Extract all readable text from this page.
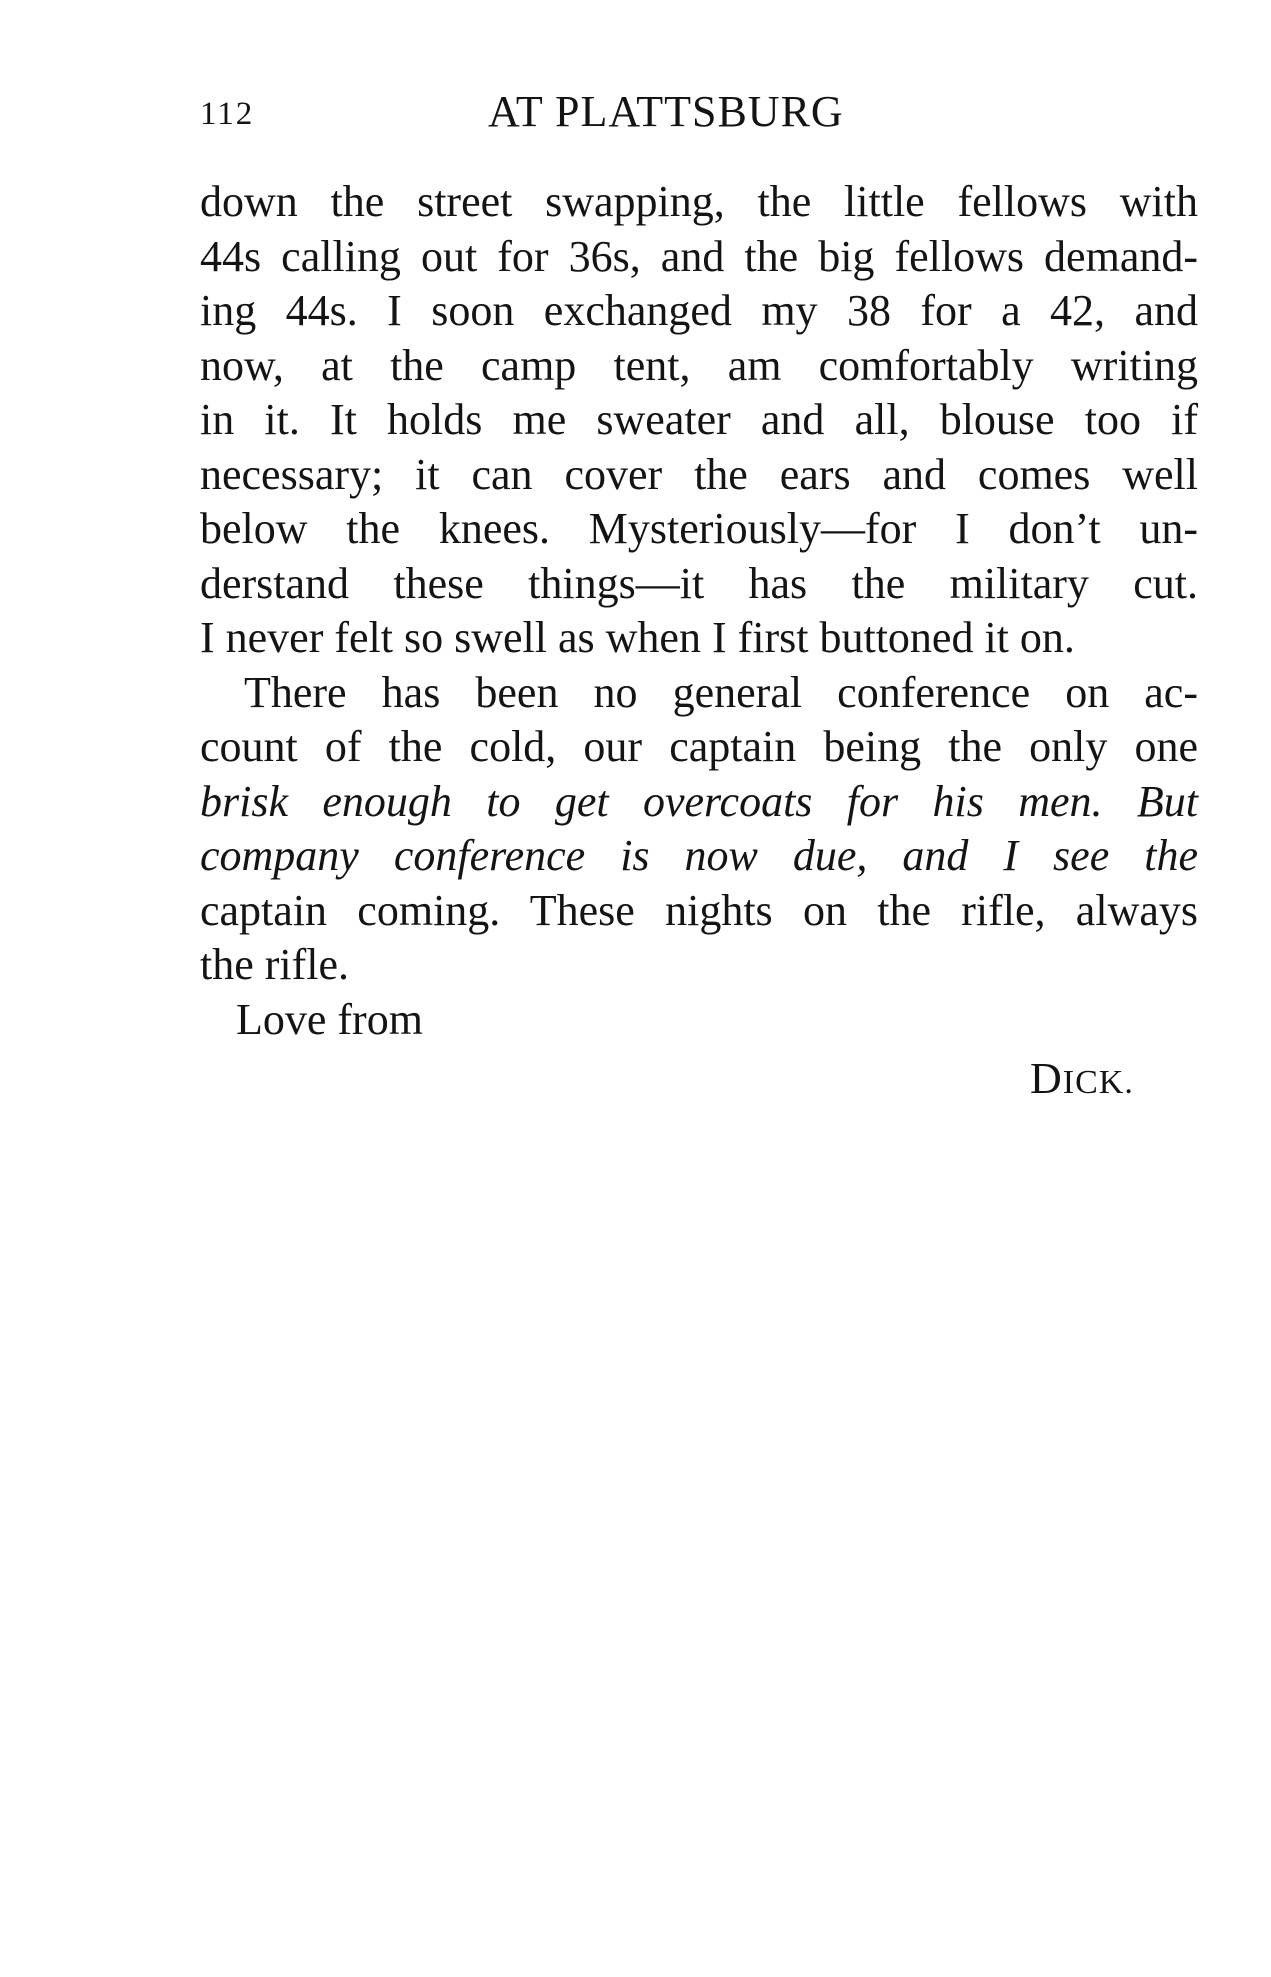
112	AT PLATTSBURG
down the street swapping, the little fellows with
44s calling out for 36s, and the big fellows demand-
ing 44s. I soon exchanged my 38 for a 42, and
now, at the camp tent, am comfortably writing
in it. It holds me sweater and all, blouse too if
necessary; it can cover the ears and comes well
below the knees. Mysteriously—for I don’t un-
derstand these things—it has the military cut.
I never felt so swell as when I first buttoned it on.
There has been no general conference on ac-
count of the cold, our captain being the only one
brisk enough to get overcoats for his men. But
company conference is now due, and I see the
captain coming. These nights on the rifle, always
the rifle.
Love from
DICK.
